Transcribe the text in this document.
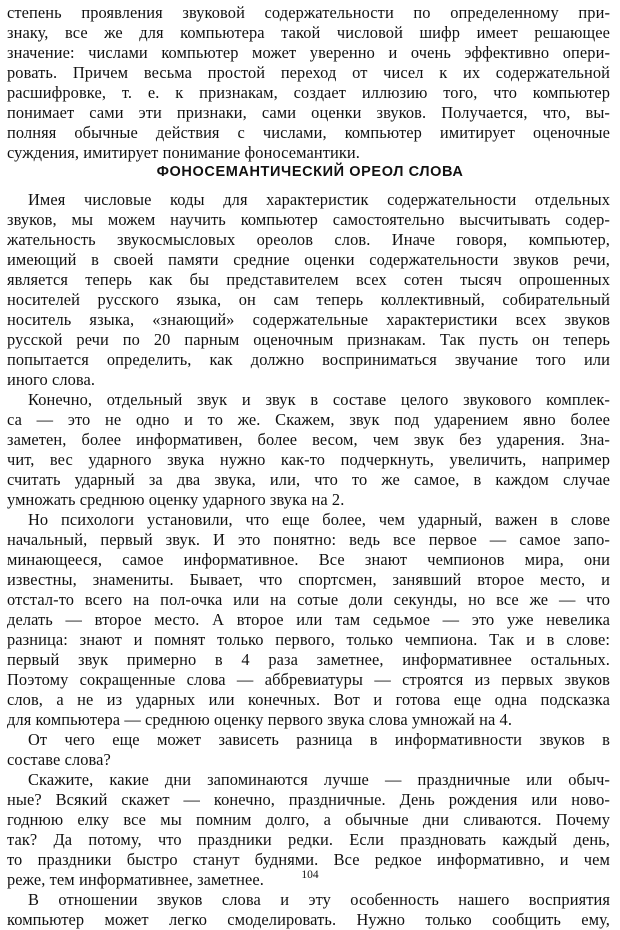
степень проявления звуковой содержательности по определенному при-
знаку, все же для компьютера такой числовой шифр имеет решающее
значение: числами компьютер может уверенно и очень эффективно опери-
ровать. Причем весьма простой переход от чисел к их содержательной
расшифровке, т. е. к признакам, создает иллюзию того, что компьютер
понимает сами эти признаки, сами оценки звуков. Получается, что, вы-
полняя обычные действия с числами, компьютер имитирует оценочные
суждения, имитирует понимание фоносемантики.
ФОНОСЕМАНТИЧЕСКИЙ ОРЕОЛ СЛОВА
Имея числовые коды для характеристик содержательности отдельных
звуков, мы можем научить компьютер самостоятельно высчитывать содер-
жательность звукосмысловых ореолов слов. Иначе говоря, компьютер,
имеющий в своей памяти средние оценки содержательности звуков речи,
является теперь как бы представителем всех сотен тысяч опрошенных
носителей русского языка, он сам теперь коллективный, собирательный
носитель языка, «знающий» содержательные характеристики всех звуков
русской речи по 20 парным оценочным признакам. Так пусть он теперь
попытается определить, как должно восприниматься звучание того или
иного слова.
Конечно, отдельный звук и звук в составе целого звукового комплек-
са — это не одно и то же. Скажем, звук под ударением явно более
заметен, более информативен, более весом, чем звук без ударения. Зна-
чит, вес ударного звука нужно как-то подчеркнуть, увеличить, например
считать ударный за два звука, или, что то же самое, в каждом случае
умножать среднюю оценку ударного звука на 2.
Но психологи установили, что еще более, чем ударный, важен в слове
начальный, первый звук. И это понятно: ведь все первое — самое запо-
минающееся, самое информативное. Все знают чемпионов мира, они
известны, знамениты. Бывает, что спортсмен, занявший второе место, и
отстал-то всего на пол-очка или на сотые доли секунды, но все же — что
делать — второе место. А второе или там седьмое — это уже невелика
разница: знают и помнят только первого, только чемпиона. Так и в слове:
первый звук примерно в 4 раза заметнее, информативнее остальных.
Поэтому сокращенные слова — аббревиатуры — строятся из первых звуков
слов, а не из ударных или конечных. Вот и готова еще одна подсказка
для компьютера — среднюю оценку первого звука слова умножай на 4.
От чего еще может зависеть разница в информативности звуков в
составе слова?
Скажите, какие дни запоминаются лучше — праздничные или обыч-
ные? Всякий скажет — конечно, праздничные. День рождения или ново-
годнюю елку все мы помним долго, а обычные дни сливаются. Почему
так? Да потому, что праздники редки. Если праздновать каждый день,
то праздники быстро станут буднями. Все редкое информативно, и чем
реже, тем информативнее, заметнее.
В отношении звуков слова и эту особенность нашего восприятия
компьютер может легко смоделировать. Нужно только сообщить ему,
104
